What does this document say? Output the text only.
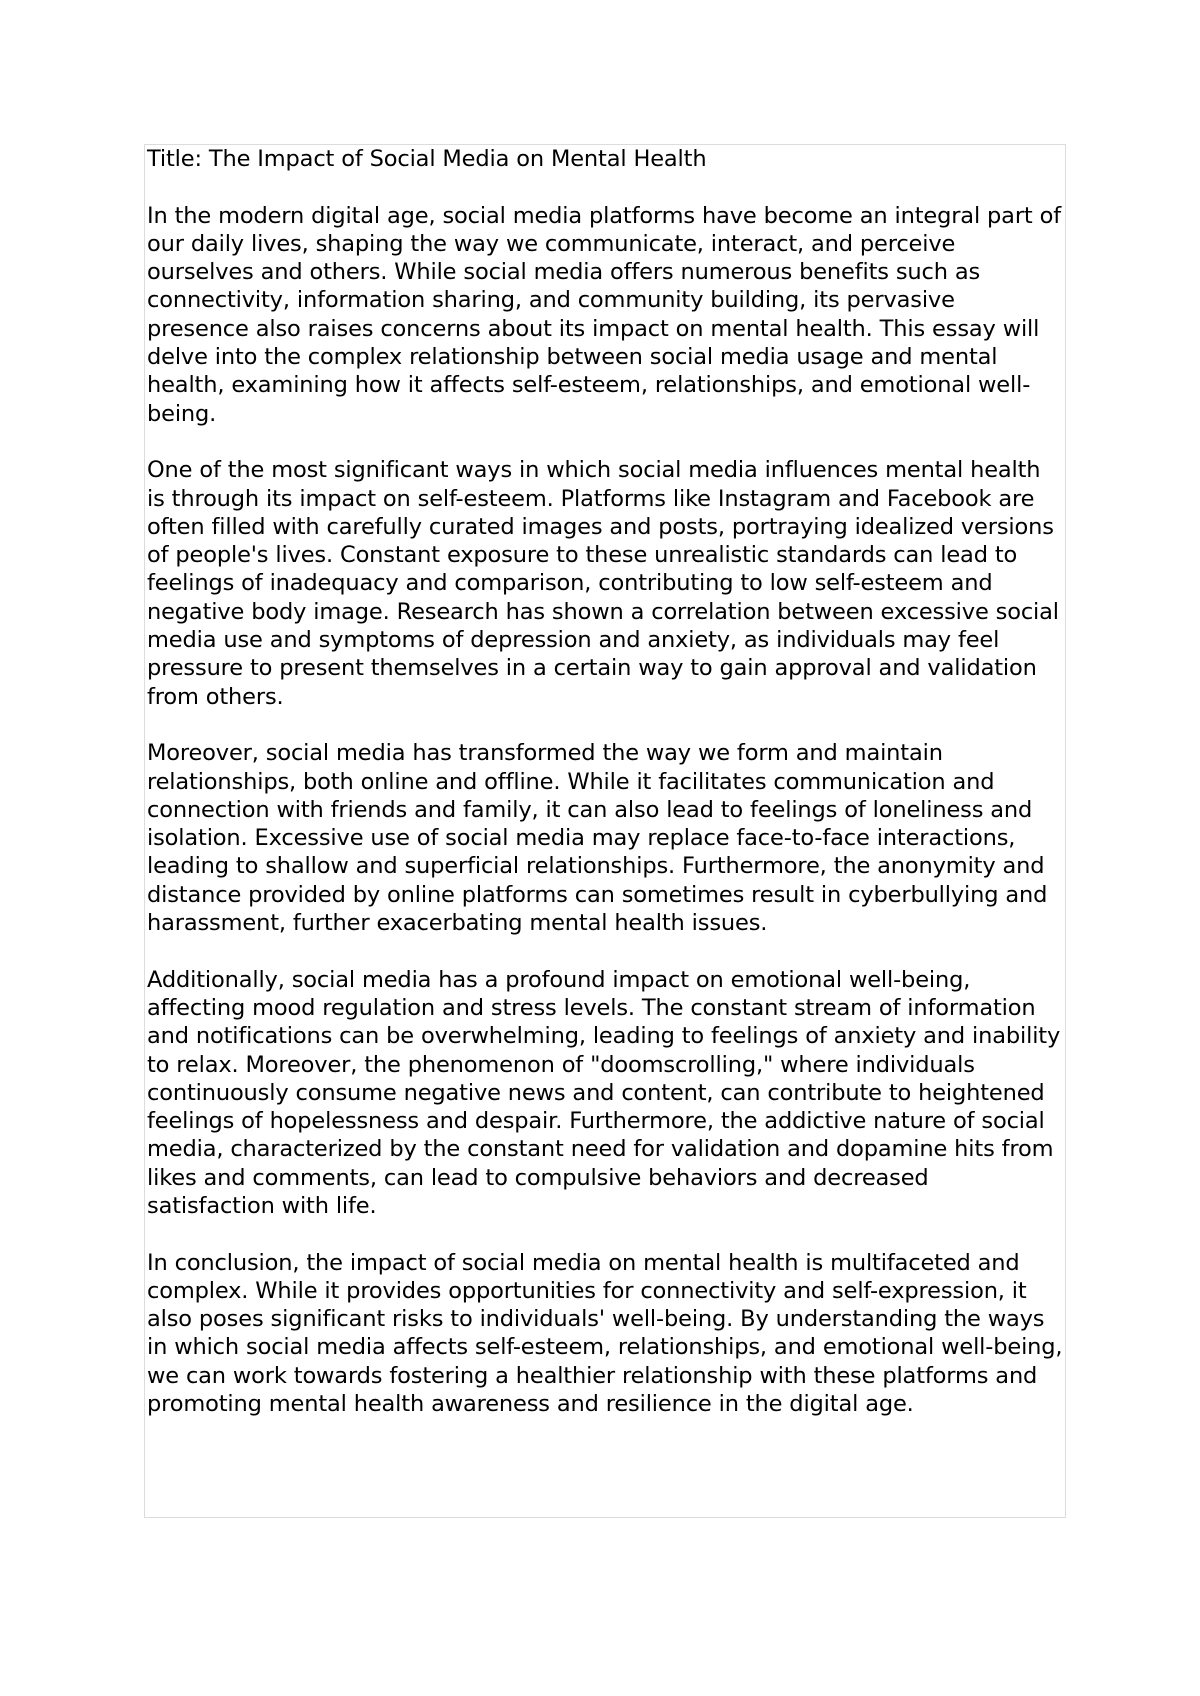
Title: The Impact of Social Media on Mental Health

In the modern digital age, social media platforms have become an integral part of our daily lives, shaping the way we communicate, interact, and perceive ourselves and others. While social media offers numerous benefits such as connectivity, information sharing, and community building, its pervasive presence also raises concerns about its impact on mental health. This essay will delve into the complex relationship between social media usage and mental health, examining how it affects self-esteem, relationships, and emotional well-being.

One of the most significant ways in which social media influences mental health is through its impact on self-esteem. Platforms like Instagram and Facebook are often filled with carefully curated images and posts, portraying idealized versions of people's lives. Constant exposure to these unrealistic standards can lead to feelings of inadequacy and comparison, contributing to low self-esteem and negative body image. Research has shown a correlation between excessive social media use and symptoms of depression and anxiety, as individuals may feel pressure to present themselves in a certain way to gain approval and validation from others.

Moreover, social media has transformed the way we form and maintain relationships, both online and offline. While it facilitates communication and connection with friends and family, it can also lead to feelings of loneliness and isolation. Excessive use of social media may replace face-to-face interactions, leading to shallow and superficial relationships. Furthermore, the anonymity and distance provided by online platforms can sometimes result in cyberbullying and harassment, further exacerbating mental health issues.

Additionally, social media has a profound impact on emotional well-being, affecting mood regulation and stress levels. The constant stream of information and notifications can be overwhelming, leading to feelings of anxiety and inability to relax. Moreover, the phenomenon of "doomscrolling," where individuals continuously consume negative news and content, can contribute to heightened feelings of hopelessness and despair. Furthermore, the addictive nature of social media, characterized by the constant need for validation and dopamine hits from likes and comments, can lead to compulsive behaviors and decreased satisfaction with life.

In conclusion, the impact of social media on mental health is multifaceted and complex. While it provides opportunities for connectivity and self-expression, it also poses significant risks to individuals' well-being. By understanding the ways in which social media affects self-esteem, relationships, and emotional well-being, we can work towards fostering a healthier relationship with these platforms and promoting mental health awareness and resilience in the digital age.
